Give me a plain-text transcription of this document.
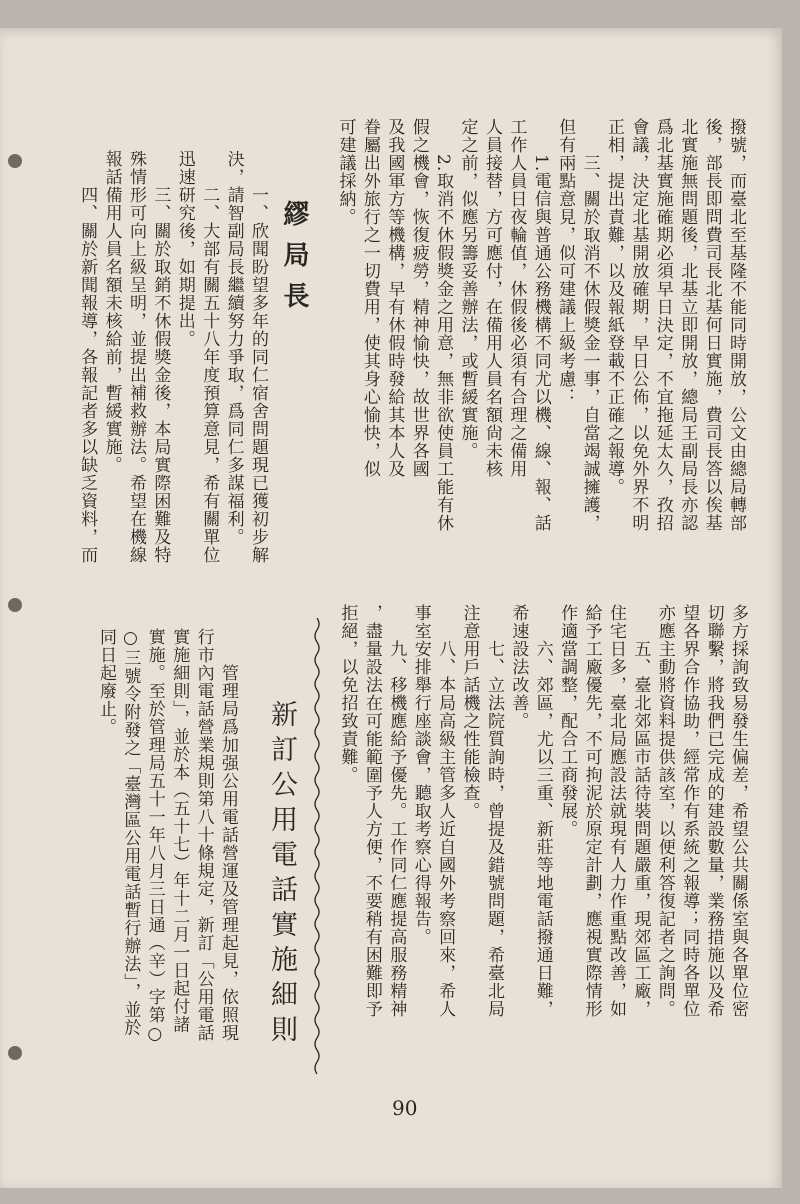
撥號，而臺北至基隆不能同時開放，公文由總局轉部
後，部長即問費司長北基何日實施，費司長答以俟基
北實施無問題後，北基立即開放，總局王副局長亦認
爲北基實施確期必須早日決定，不宜拖延太久，孜招
會議，決定北基開放確期，早日公佈，以免外界不明
正相，提出責難，以及報紙登載不正確之報導。
　　三、關於取消不休假獎金一事，自當竭誠擁護，
但有兩點意見，似可建議上級考慮：
　　1.電信與普通公務機構不同尤以機、線、報、話
工作人員日夜輪值，休假後必須有合理之備用
人員接替，方可應付，在備用人員名額尙未核
定之前，似應另籌妥善辦法，或暫緩實施。
　　2.取消不休假獎金之用意，無非欲使員工能有休
假之機會，恢復疲勞，精神愉快，故世界各國
及我國軍方等機構，早有休假時發給其本人及
眷屬出外旅行之一切費用，使其身心愉快，似
可建議採納。
繆 局 長
　　一、欣聞盼望多年的同仁宿舍問題現已獲初步解
決，請智副局長繼續努力爭取，爲同仁多謀福利。
　　二、大部有關五十八年度預算意見，希有關單位
迅速研究後，如期提出。
　　三、關於取銷不休假獎金後，本局實際困難及特
殊情形可向上級呈明，並提出補救辦法。希望在機線
報話備用人員名額未核給前，暫緩實施。
　　四、關於新聞報導，各報記者多以缺乏資料，而
多方採詢致易發生偏差，希望公共關係室與各單位密
切聯繫，將我們已完成的建設數量，業務措施以及希
望各界合作協助，經常作有系統之報導；同時各單位
亦應主動將資料提供該室，以便利答復記者之詢問。
　　五、臺北郊區市話待裝問題嚴重，現郊區工廠，
住宅日多，臺北局應設法就現有人力作重點改善，如
給予工廠優先，不可拘泥於原定計劃，應視實際情形
作適當調整，配合工商發展。
　　六、郊區，尤以三重、新莊等地電話撥通日難，
希速設法改善。
　　七、立法院質詢時，曾提及錯號問題，希臺北局
注意用戶話機之性能檢查。
　　八、本局高級主管多人近自國外考察回來，希人
事室安排舉行座談會，聽取考察心得報告。
　　九、移機應給予優先。工作同仁應提高服務精神
，盡量設法在可能範圍予人方便，不要稍有困難即予
拒絕，以免招致責難。
新訂公用電話實施細則
　　管理局爲加强公用電話營運及管理起見，依照現
行市內電話營業規則第八十條規定，新訂「公用電話
實施細則」，並於本（五十七）年十二月一日起付諸
實施。至於管理局五十一年八月三日通（辛）字第○
○三號令附發之「臺灣區公用電話暫行辦法」，並於
同日起廢止。
90
